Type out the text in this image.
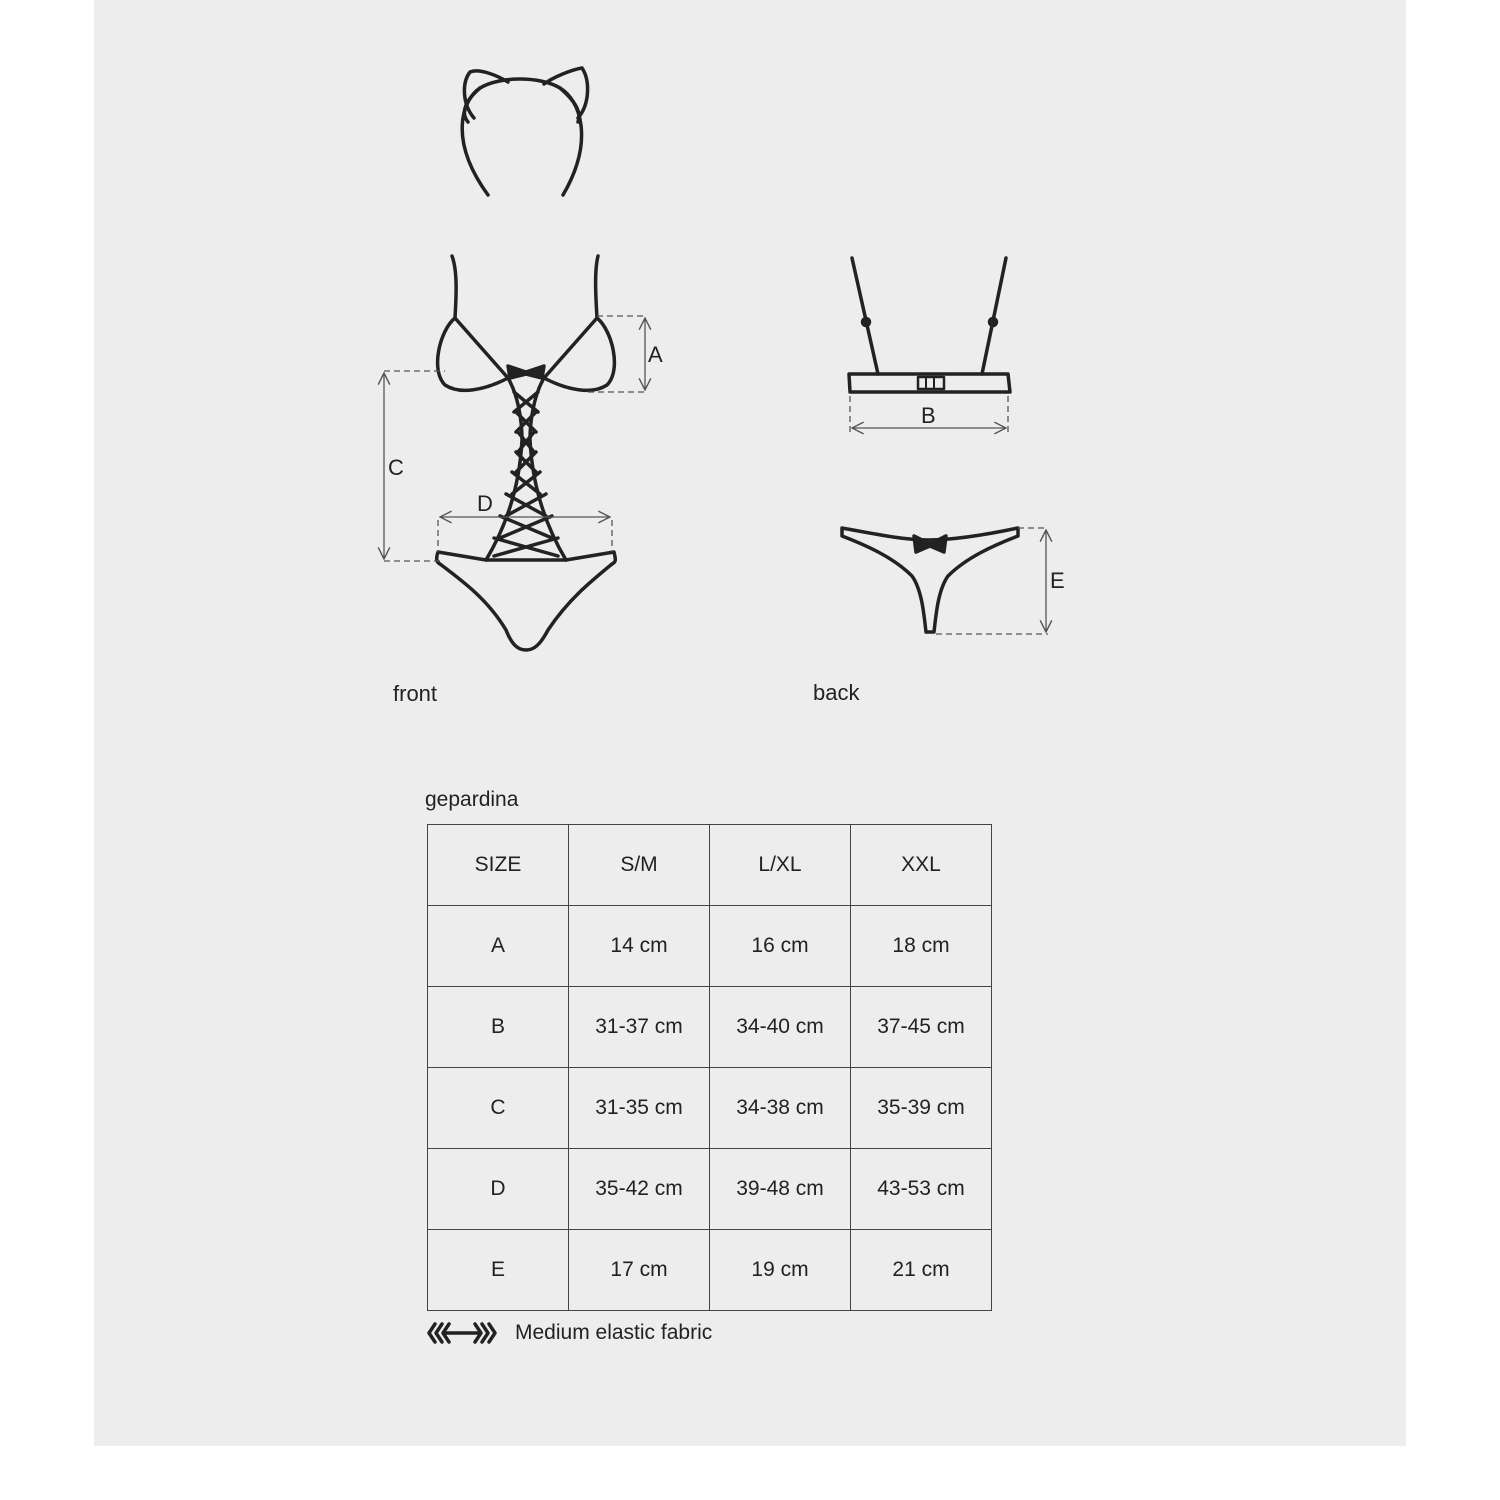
A
C
D
B
E
front	back
gepardina
SIZE	S/M	L/XL	XXL
A	14 cm	16 cm	18 cm
B	31-37 cm	34-40 cm	37-45 cm
C	31-35 cm	34-38 cm	35-39 cm
D	35-42 cm	39-48 cm	43-53 cm
E	17 cm	19 cm	21 cm
Medium elastic fabric
